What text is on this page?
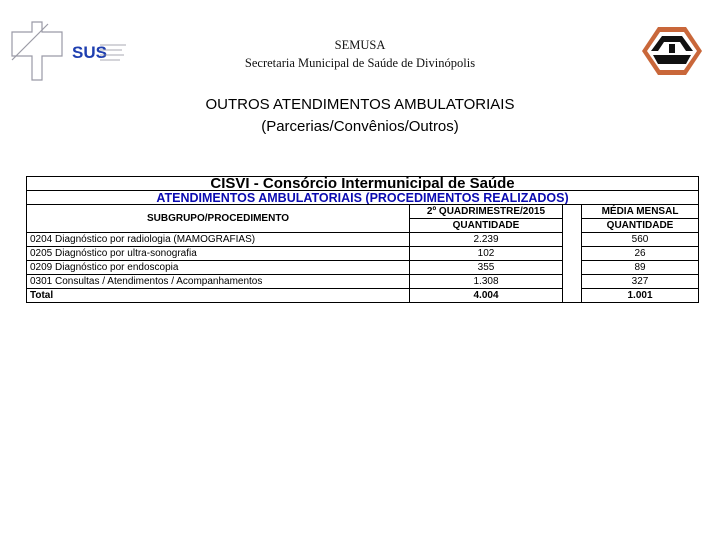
SUS	SEMUSA
Secretaria Municipal de Saúde de Divinópolis
OUTROS ATENDIMENTOS AMBULATORIAIS
(Parcerias/Convênios/Outros)
CISVI - Consórcio Intermunicipal de Saúde			
ATENDIMENTOS AMBULATORIAIS (PROCEDIMENTOS REALIZADOS)			
SUBGRUPO/PROCEDIMENTO	2º QUADRIMESTRE/2015		MÉDIA MENSAL
	QUANTIDADE		QUANTIDADE
0204 Diagnóstico por radiologia (MAMOGRAFIAS)	2.239		560
0205 Diagnóstico por ultra-sonografia	102		26
0209 Diagnóstico por endoscopia	355		89
0301 Consultas / Atendimentos / Acompanhamentos	1.308		327
Total	4.004		1.001
